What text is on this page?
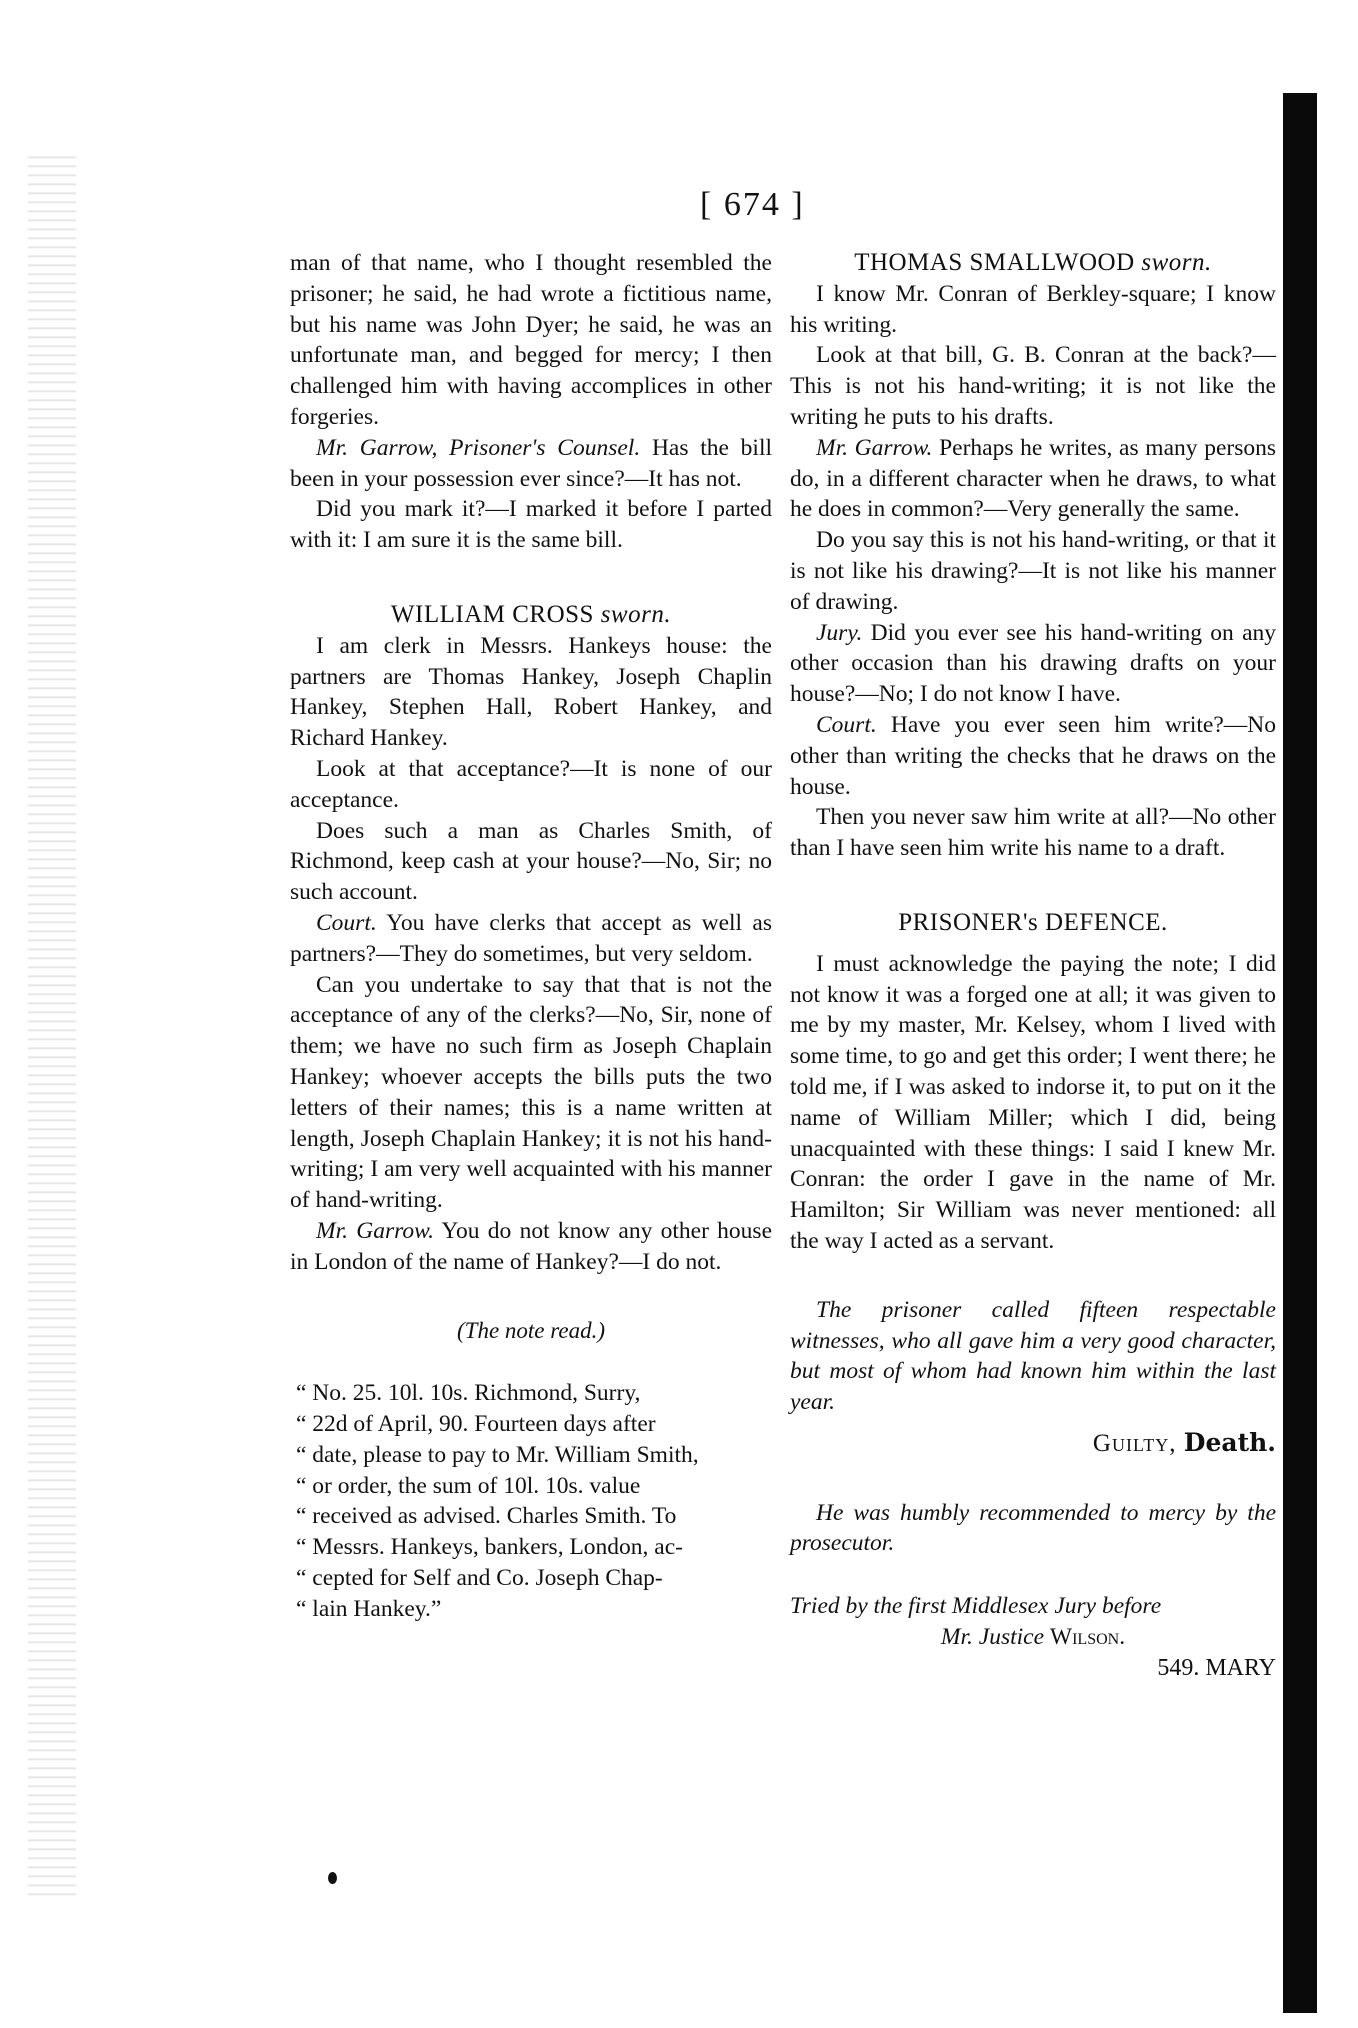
[ 674 ]

man of that name, who I thought resembled the prisoner; he said, he had wrote a fictitious name, but his name was John Dyer; he said, he was an unfortunate man, and begged for mercy; I then challenged him with having accomplices in other forgeries.

Mr. Garrow, Prisoner's Counsel. Has the bill been in your possession ever since?—It has not.

Did you mark it?—I marked it before I parted with it: I am sure it is the same bill.

WILLIAM CROSS sworn.

I am clerk in Messrs. Hankeys house: the partners are Thomas Hankey, Joseph Chaplin Hankey, Stephen Hall, Robert Hankey, and Richard Hankey.

Look at that acceptance?—It is none of our acceptance.

Does such a man as Charles Smith, of Richmond, keep cash at your house?—No, Sir; no such account.

Court. You have clerks that accept as well as partners?—They do sometimes, but very seldom.

Can you undertake to say that that is not the acceptance of any of the clerks?—No, Sir, none of them; we have no such firm as Joseph Chaplain Hankey; whoever accepts the bills puts the two letters of their names; this is a name written at length, Joseph Chaplain Hankey; it is not his hand-writing; I am very well acquainted with his manner of hand-writing.

Mr. Garrow. You do not know any other house in London of the name of Hankey?—I do not.

(The note read.)

“ No. 25. 10l. 10s. Richmond, Surry,

“ 22d of April, 90. Fourteen days after

“ date, please to pay to Mr. William Smith,

“ or order, the sum of 10l. 10s. value

“ received as advised. Charles Smith. To

“ Messrs. Hankeys, bankers, London, ac-

“ cepted for Self and Co. Joseph Chap-

“ lain Hankey.”

THOMAS SMALLWOOD sworn.

I know Mr. Conran of Berkley-square; I know his writing.

Look at that bill, G. B. Conran at the back?—This is not his hand-writing; it is not like the writing he puts to his drafts.

Mr. Garrow. Perhaps he writes, as many persons do, in a different character when he draws, to what he does in common?—Very generally the same.

Do you say this is not his hand-writing, or that it is not like his drawing?—It is not like his manner of drawing.

Jury. Did you ever see his hand-writing on any other occasion than his drawing drafts on your house?—No; I do not know I have.

Court. Have you ever seen him write?—No other than writing the checks that he draws on the house.

Then you never saw him write at all?—No other than I have seen him write his name to a draft.

PRISONER's DEFENCE.

I must acknowledge the paying the note; I did not know it was a forged one at all; it was given to me by my master, Mr. Kelsey, whom I lived with some time, to go and get this order; I went there; he told me, if I was asked to indorse it, to put on it the name of William Miller; which I did, being unacquainted with these things: I said I knew Mr. Conran: the order I gave in the name of Mr. Hamilton; Sir William was never mentioned: all the way I acted as a servant.

The prisoner called fifteen respectable witnesses, who all gave him a very good character, but most of whom had known him within the last year.

Guilty, Death.

He was humbly recommended to mercy by the prosecutor.

Tried by the first Middlesex Jury before

Mr. Justice Wilson.

549. MARY
